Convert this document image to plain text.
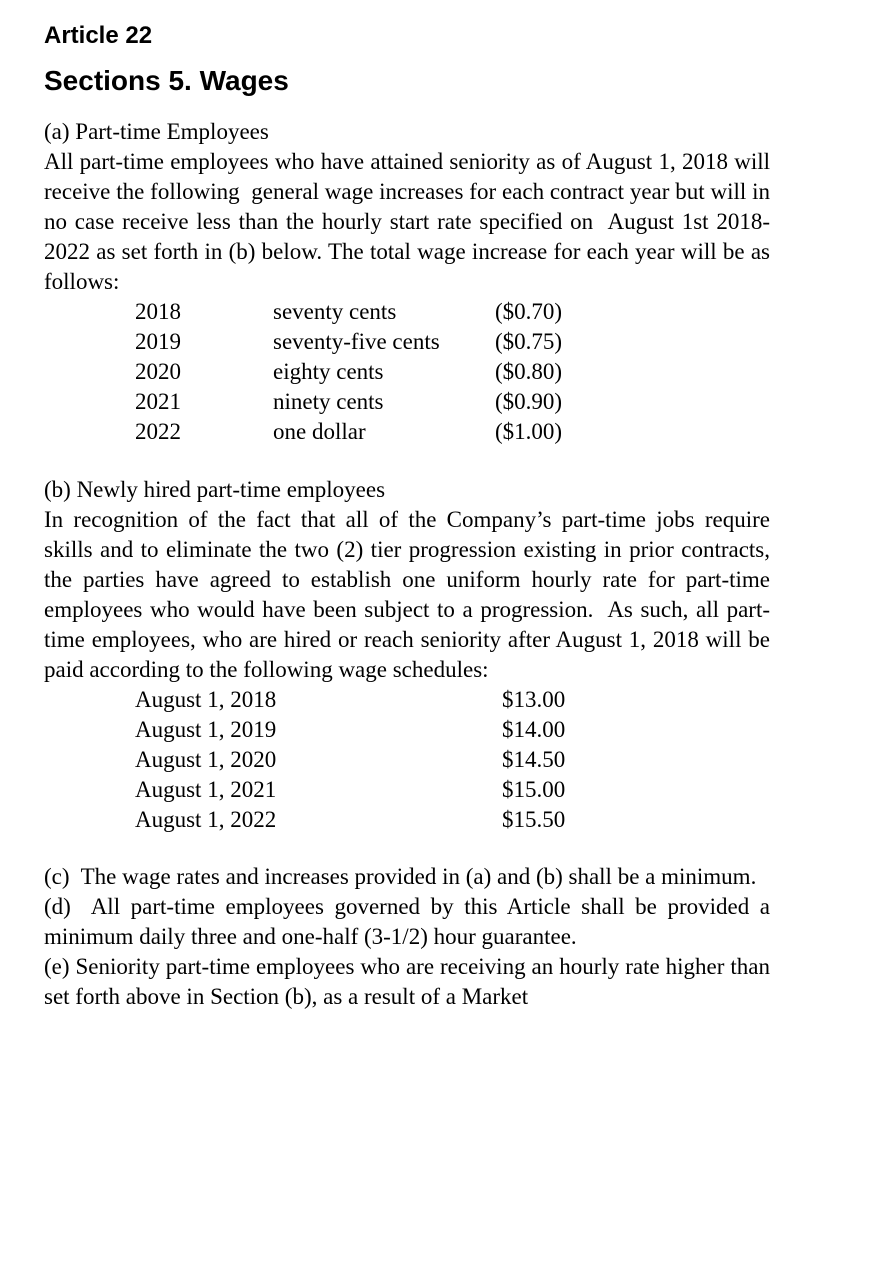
Article 22
Sections 5. Wages

(a) Part-time Employees

All part-time employees who have attained seniority as of August 1, 2018 will receive the following  general wage increases for each contract year but will in no case receive less than the hourly start rate specified on  August 1st 2018-2022 as set forth in (b) below. The total wage increase for each year will be as follows:

2018	seventy cents	($0.70)
2019	seventy-five cents	($0.75)
2020	eighty cents	($0.80)
2021	ninety cents	($0.90)
2022	one dollar	($1.00)

(b) Newly hired part-time employees

In recognition of the fact that all of the Company’s part-time jobs require skills and to eliminate the two (2) tier progression existing in prior contracts, the parties have agreed to establish one uniform hourly rate for part-time employees who would have been subject to a progression.  As such, all part-time employees, who are hired or reach seniority after August 1, 2018 will be paid according to the following wage schedules:

August 1, 2018	$13.00
August 1, 2019	$14.00
August 1, 2020	$14.50
August 1, 2021	$15.00
August 1, 2022	$15.50

(c)  The wage rates and increases provided in (a) and (b) shall be a minimum.

(d)  All part-time employees governed by this Article shall be provided a minimum daily three and one-half (3-1/2) hour guarantee.

(e) Seniority part-time employees who are receiving an hourly rate higher than set forth above in Section (b), as a result of a Market
